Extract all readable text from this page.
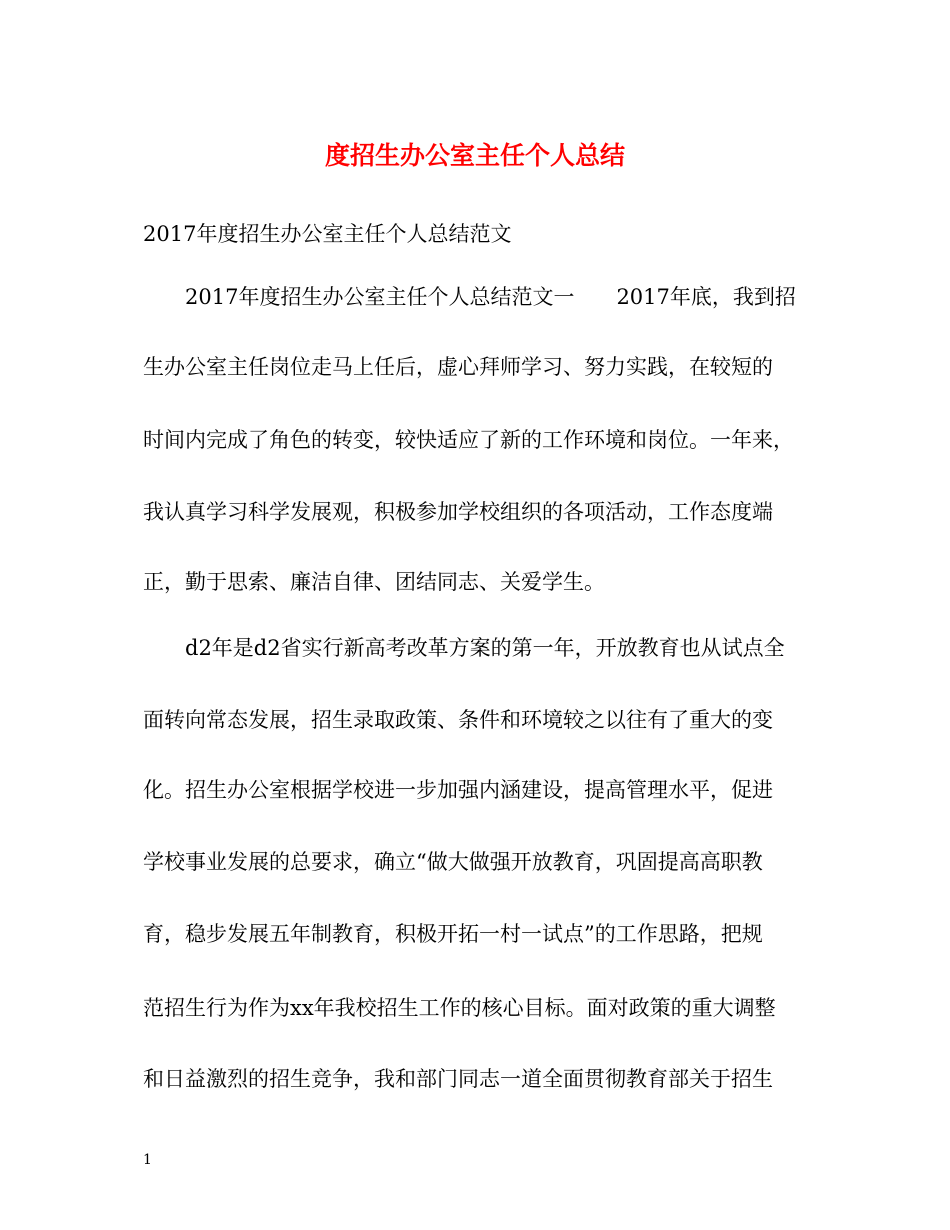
度招生办公室主任个人总结
2017年度招生办公室主任个人总结范文
2017年度招生办公室主任个人总结范文一　　2017年底，我到招
生办公室主任岗位走马上任后，虚心拜师学习、努力实践，在较短的
时间内完成了角色的转变，较快适应了新的工作环境和岗位。一年来，
我认真学习科学发展观，积极参加学校组织的各项活动，工作态度端
正，勤于思索、廉洁自律、团结同志、关爱学生。
d2年是d2省实行新高考改革方案的第一年，开放教育也从试点全
面转向常态发展，招生录取政策、条件和环境较之以往有了重大的变
化。招生办公室根据学校进一步加强内涵建设，提高管理水平，促进
学校事业发展的总要求，确立“做大做强开放教育，巩固提高高职教
育，稳步发展五年制教育，积极开拓一村一试点”的工作思路，把规
范招生行为作为xx年我校招生工作的核心目标。面对政策的重大调整
和日益激烈的招生竞争，我和部门同志一道全面贯彻教育部关于招生
1
